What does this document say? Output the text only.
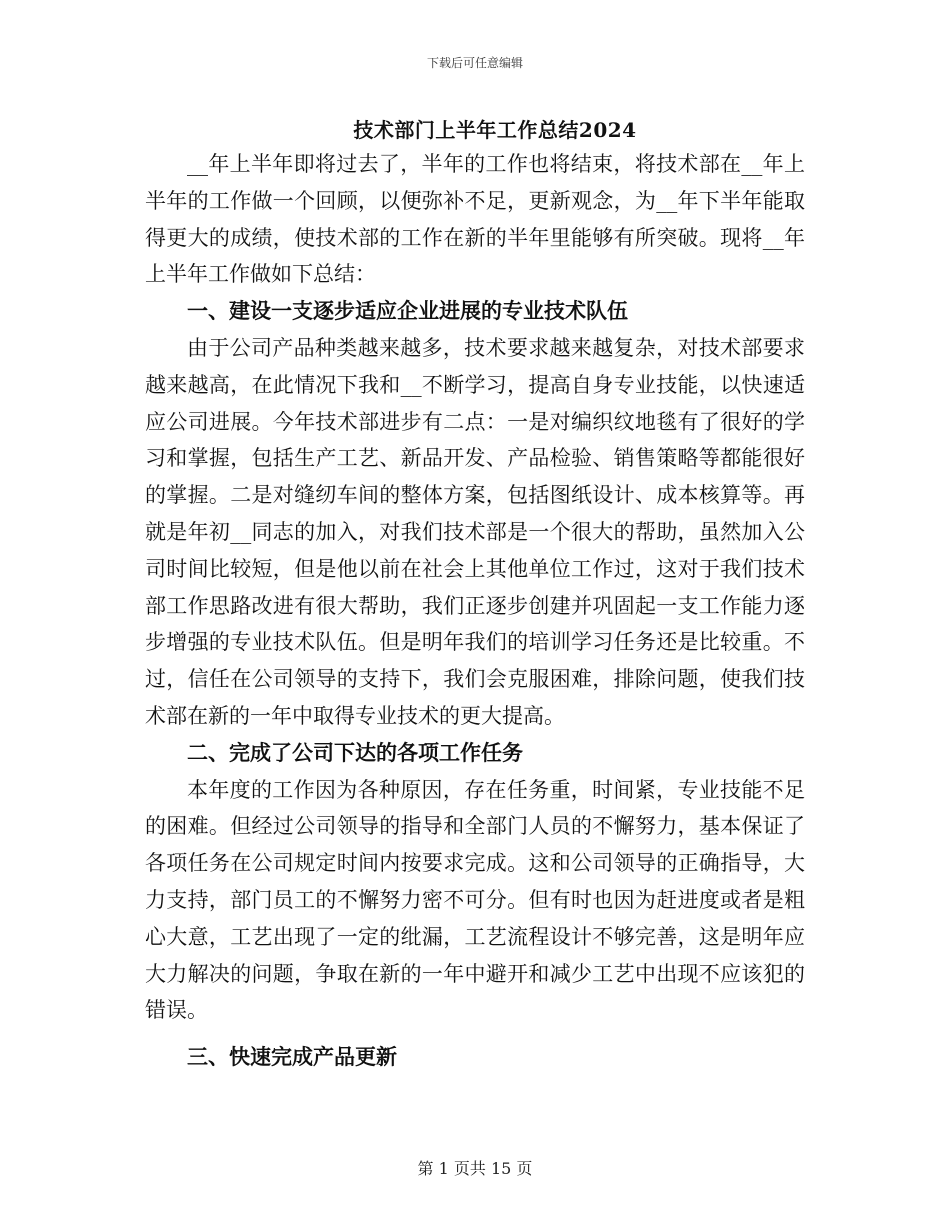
下载后可任意编辑
技术部门上半年工作总结2024

__年上半年即将过去了，半年的工作也将结束，将技术部在__年上半年的工作做一个回顾，以便弥补不足，更新观念，为__年下半年能取得更大的成绩，使技术部的工作在新的半年里能够有所突破。现将__年上半年工作做如下总结：

一、建设一支逐步适应企业进展的专业技术队伍

由于公司产品种类越来越多，技术要求越来越复杂，对技术部要求越来越高，在此情况下我和__不断学习，提高自身专业技能，以快速适应公司进展。今年技术部进步有二点：一是对编织纹地毯有了很好的学习和掌握，包括生产工艺、新品开发、产品检验、销售策略等都能很好的掌握。二是对缝纫车间的整体方案，包括图纸设计、成本核算等。再就是年初__同志的加入，对我们技术部是一个很大的帮助，虽然加入公司时间比较短，但是他以前在社会上其他单位工作过，这对于我们技术部工作思路改进有很大帮助，我们正逐步创建并巩固起一支工作能力逐步增强的专业技术队伍。但是明年我们的培训学习任务还是比较重。不过，信任在公司领导的支持下，我们会克服困难，排除问题，使我们技术部在新的一年中取得专业技术的更大提高。

二、完成了公司下达的各项工作任务

本年度的工作因为各种原因，存在任务重，时间紧，专业技能不足的困难。但经过公司领导的指导和全部门人员的不懈努力，基本保证了各项任务在公司规定时间内按要求完成。这和公司领导的正确指导，大力支持，部门员工的不懈努力密不可分。但有时也因为赶进度或者是粗心大意，工艺出现了一定的纰漏，工艺流程设计不够完善，这是明年应大力解决的问题，争取在新的一年中避开和减少工艺中出现不应该犯的错误。

三、快速完成产品更新

第 1 页共 15 页
